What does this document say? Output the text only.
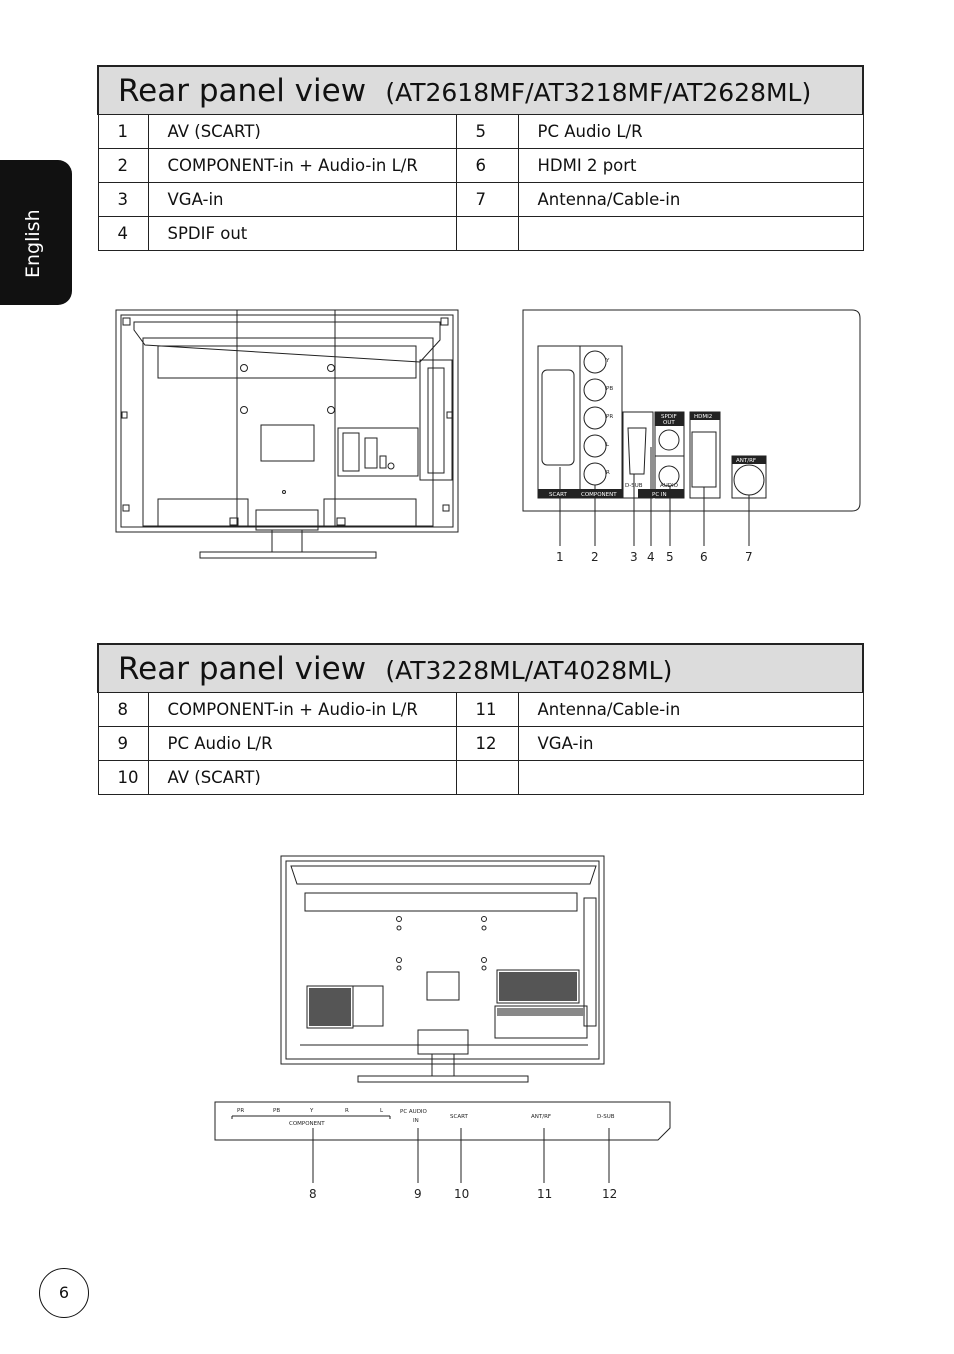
English
Rear panel view (AT2618MF/AT3218MF/AT2628ML)			
1	AV (SCART)	5	PC Audio L/R
2	COMPONENT-in + Audio-in L/R	6	HDMI 2 port
3	VGA-in	7	Antenna/Cable-in
4	SPDIF out		
Rear panel view (AT3228ML/AT4028ML)			
8	COMPONENT-in + Audio-in L/R	11	Antenna/Cable-in
9	PC Audio L/R	12	VGA-in
10	AV (SCART)		
Y
PB
PR
L
R
SPDIF
OUT
HDMI2
ANT/RF
SCART	COMPONENT
D-SUB	AUDIO
PC IN
1 2	3 4 5 6	7
PR	PB	Y	R	L
COMPONENT
PC AUDIO
IN
SCART	ANT/RF	D-SUB
8	9	10	11	12
6
